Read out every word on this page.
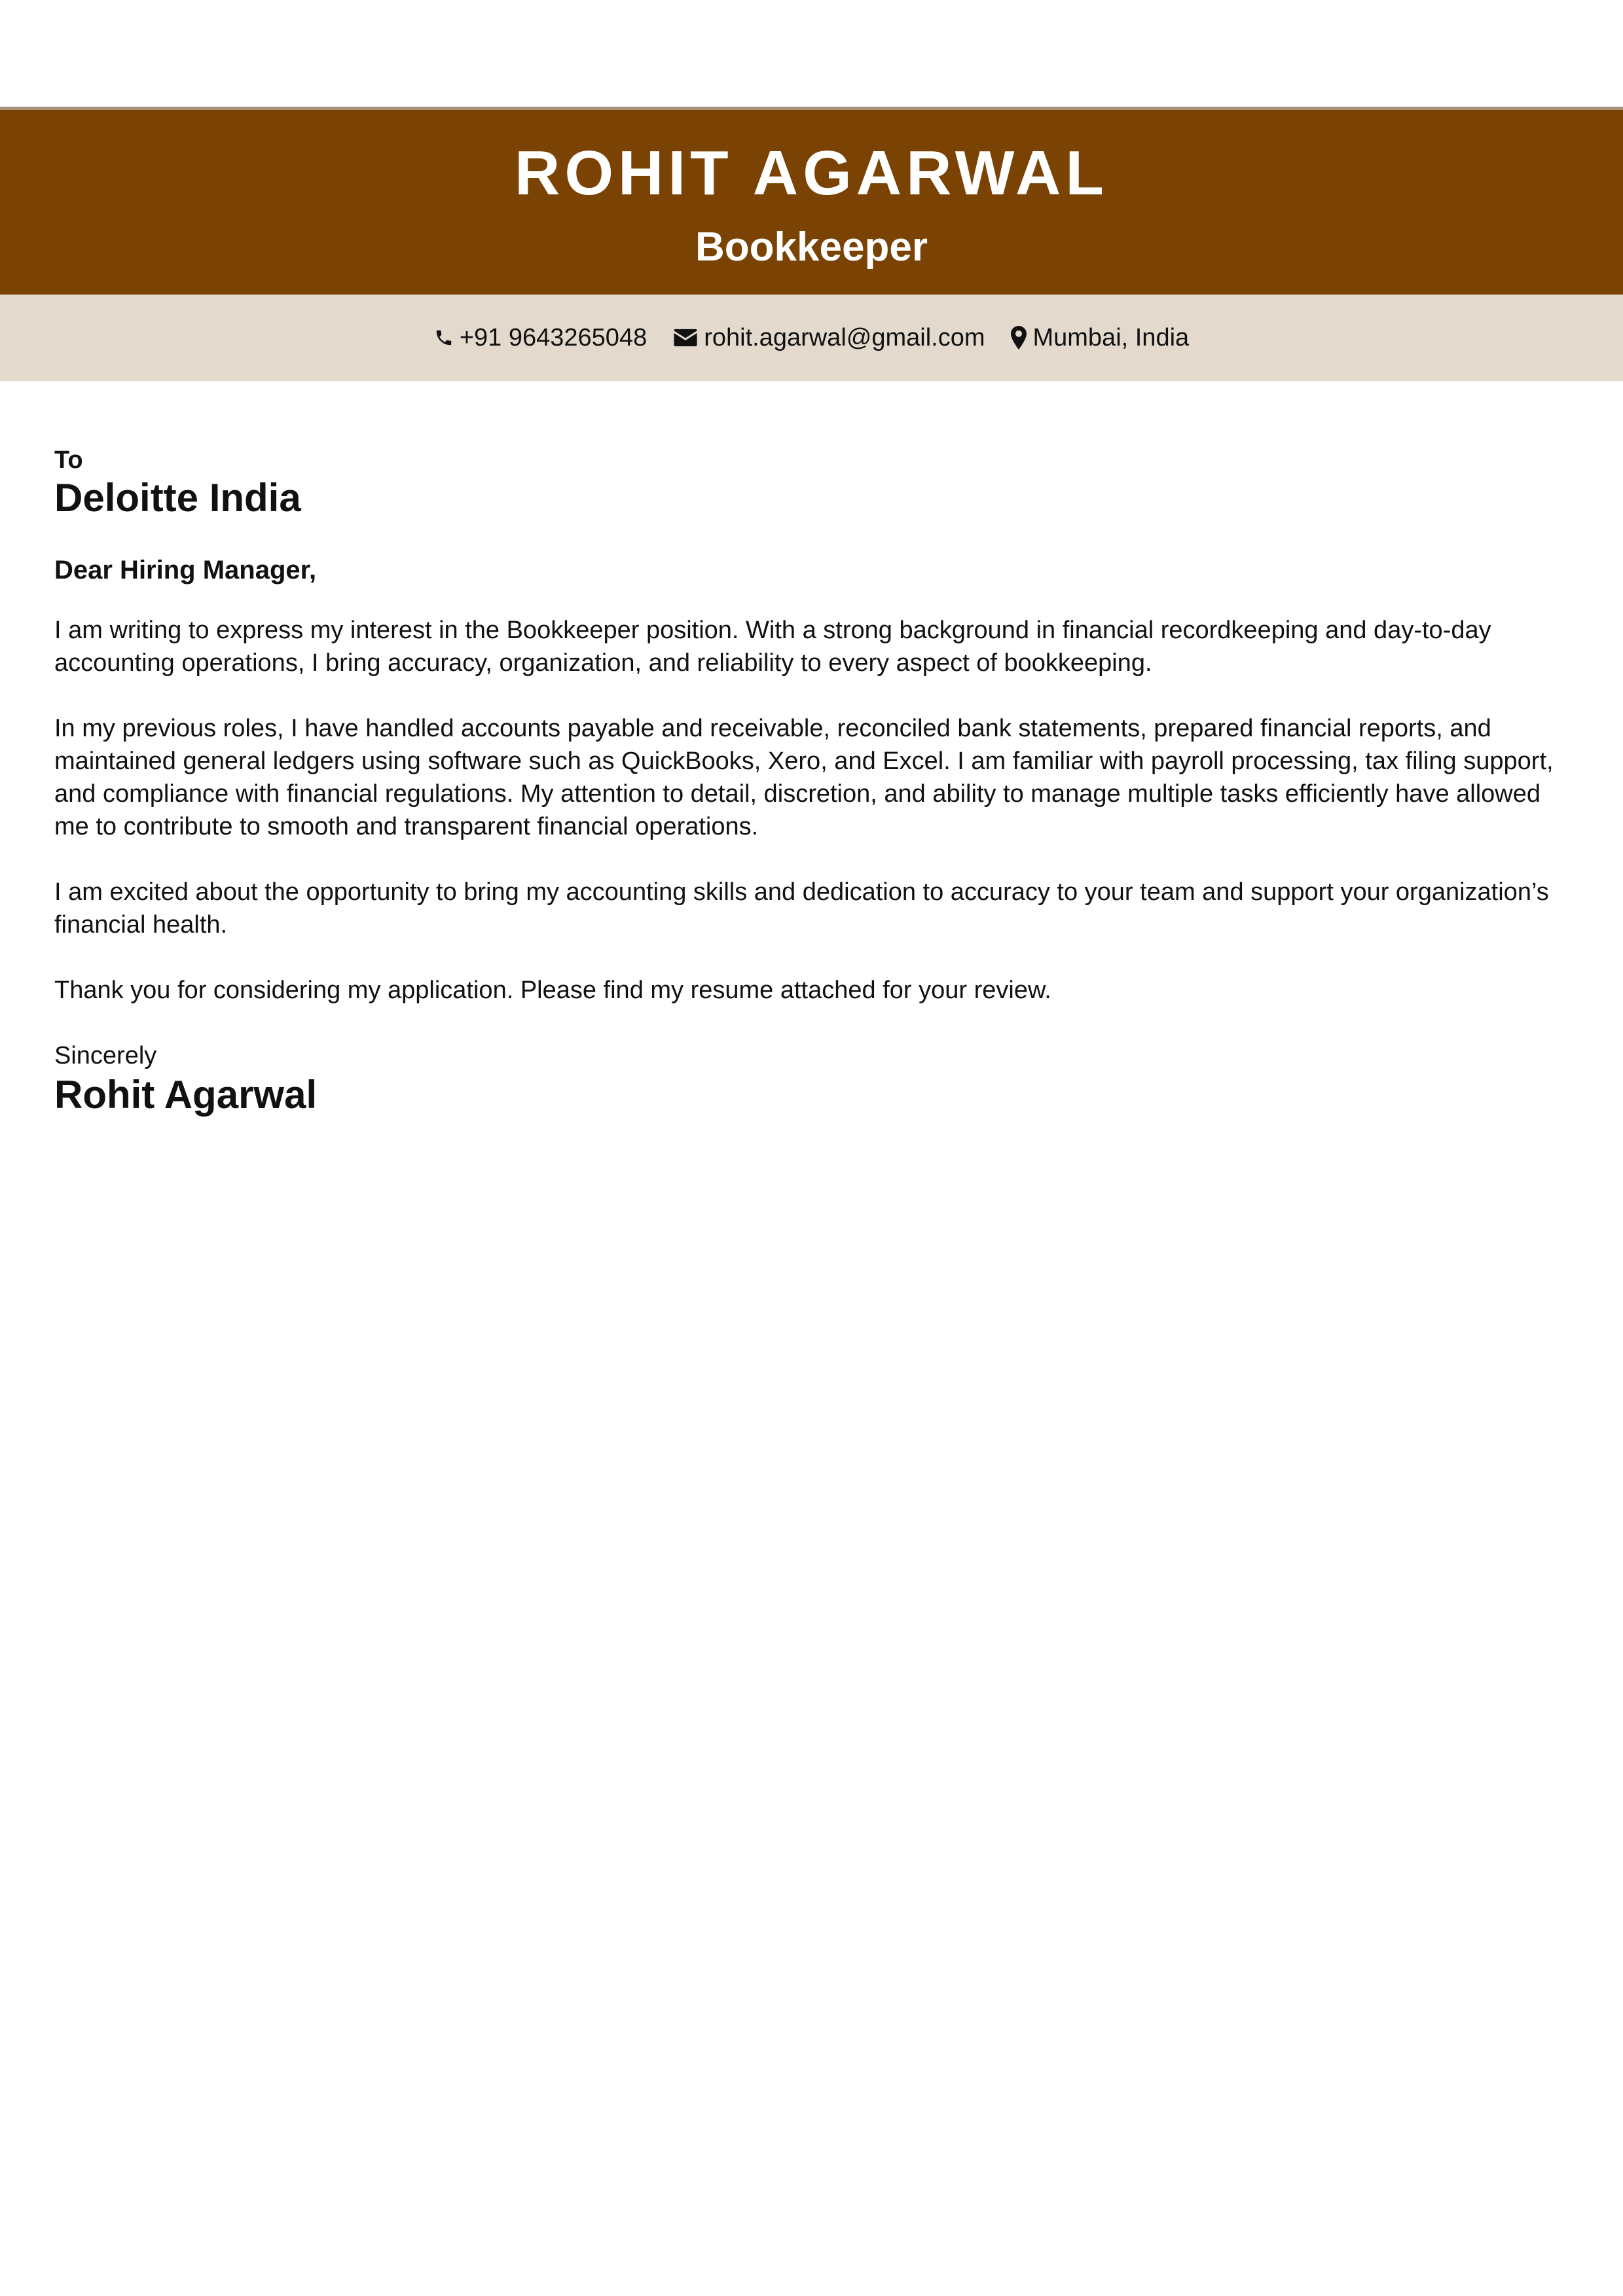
ROHIT AGARWAL
Bookkeeper
+91 9643265048 rohit.agarwal@gmail.com Mumbai, India
To
Deloitte India
Dear Hiring Manager,

I am writing to express my interest in the Bookkeeper position. With a strong background in financial recordkeeping and day-to-day accounting operations, I bring accuracy, organization, and reliability to every aspect of bookkeeping.

In my previous roles, I have handled accounts payable and receivable, reconciled bank statements, prepared financial reports, and maintained general ledgers using software such as QuickBooks, Xero, and Excel. I am familiar with payroll processing, tax filing support, and compliance with financial regulations. My attention to detail, discretion, and ability to manage multiple tasks efficiently have allowed me to contribute to smooth and transparent financial operations.

I am excited about the opportunity to bring my accounting skills and dedication to accuracy to your team and support your organization’s financial health.

Thank you for considering my application. Please find my resume attached for your review.

Sincerely
Rohit Agarwal
